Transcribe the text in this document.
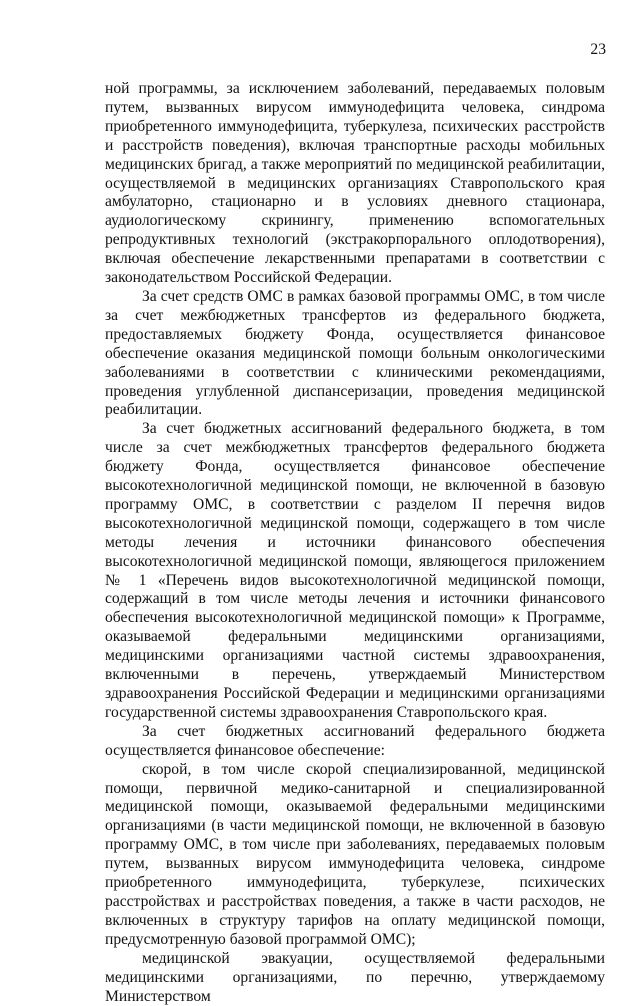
23

ной программы, за исключением заболеваний, передаваемых половым путем, вызванных вирусом иммунодефицита человека, синдрома приобретенного иммунодефицита, туберкулеза, психических расстройств и расстройств поведения), включая транспортные расходы мобильных медицинских бригад, а также мероприятий по медицинской реабилитации, осуществляемой в медицинских организациях Ставропольского края амбулаторно, стационарно и в условиях дневного стационара, аудиологическому скринингу, применению вспомогательных репродуктивных технологий (экстракорпорального оплодотворения), включая обеспечение лекарственными препаратами в соответствии с законодательством Российской Федерации.

За счет средств ОМС в рамках базовой программы ОМС, в том числе за счет межбюджетных трансфертов из федерального бюджета, предоставляемых бюджету Фонда, осуществляется финансовое обеспечение оказания медицинской помощи больным онкологическими заболеваниями в соответствии с клиническими рекомендациями, проведения углубленной диспансеризации, проведения медицинской реабилитации.

За счет бюджетных ассигнований федерального бюджета, в том числе за счет межбюджетных трансфертов федерального бюджета бюджету Фонда, осуществляется финансовое обеспечение высокотехнологичной медицинской помощи, не включенной в базовую программу ОМС, в соответствии с разделом II перечня видов высокотехнологичной медицинской помощи, содержащего в том числе методы лечения и источники финансового обеспечения высокотехнологичной медицинской помощи, являющегося приложением № 1 «Перечень видов высокотехнологичной медицинской помощи, содержащий в том числе методы лечения и источники финансового обеспечения высокотехнологичной медицинской помощи» к Программе, оказываемой федеральными медицинскими организациями, медицинскими организациями частной системы здравоохранения, включенными в перечень, утверждаемый Министерством здравоохранения Российской Федерации и медицинскими организациями государственной системы здравоохранения Ставропольского края.

За счет бюджетных ассигнований федерального бюджета осуществляется финансовое обеспечение:

скорой, в том числе скорой специализированной, медицинской помощи, первичной медико-санитарной и специализированной медицинской помощи, оказываемой федеральными медицинскими организациями (в части медицинской помощи, не включенной в базовую программу ОМС, в том числе при заболеваниях, передаваемых половым путем, вызванных вирусом иммунодефицита человека, синдроме приобретенного иммунодефицита, туберкулезе, психических расстройствах и расстройствах поведения, а также в части расходов, не включенных в структуру тарифов на оплату медицинской помощи, предусмотренную базовой программой ОМС);

медицинской эвакуации, осуществляемой федеральными медицинскими организациями, по перечню, утверждаемому Министерством
